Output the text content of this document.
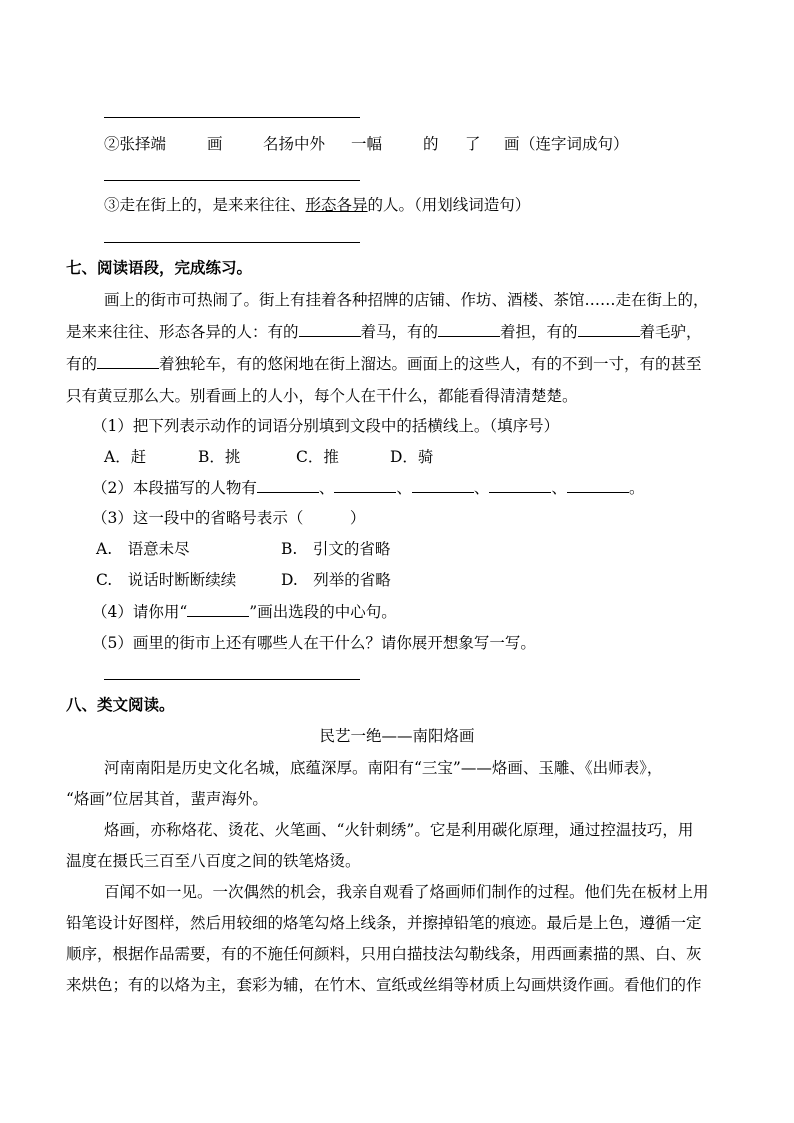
②张择端	画	名扬中外 一幅	的 了 画 （连字词成句）
③走在街上的，是来来往往、形态各异的人。（用划线词造句）
七、阅读语段，完成练习。
画上的街市可热闹了。街上有挂着各种招牌的店铺、作坊、酒楼、茶馆……走在街上的，
是来来往往、形态各异的人：有的	着马，有的	着担，有的	着毛驴，
有的	着独轮车，有的悠闲地在街上溜达。画面上的这些人，有的不到一寸，有的甚至
只有黄豆那么大。别看画上的人小，每个人在干什么，都能看得清清楚楚。
（1）把下列表示动作的词语分别填到文段中的括横线上。（填序号）
A．赶	B．挑	C．推	D．骑
（2）本段描写的人物有	、	、	、	、	。
（3）这一段中的省略号表示（　　　）
A.　语意未尽	B.　引文的省略
C.　说话时断断续续	D.　列举的省略
（4）请你用“	”画出选段的中心句。
（5）画里的街市上还有哪些人在干什么？请你展开想象写一写。
八、类文阅读。
民艺一绝——南阳烙画
河南南阳是历史文化名城，底蕴深厚。南阳有“三宝”——烙画、玉雕、《出师表》，
“烙画”位居其首，蜚声海外。
烙画，亦称烙花、烫花、火笔画、“火针刺绣”。它是利用碳化原理，通过控温技巧，用
温度在摄氏三百至八百度之间的铁笔烙烫。
百闻不如一见。一次偶然的机会，我亲自观看了烙画师们制作的过程。他们先在板材上用
铅笔设计好图样，然后用较细的烙笔勾烙上线条，并擦掉铅笔的痕迹。最后是上色，遵循一定
顺序，根据作品需要，有的不施任何颜料，只用白描技法勾勒线条，用西画素描的黑、白、灰
来烘色；有的以烙为主，套彩为辅，在竹木、宣纸或丝绢等材质上勾画烘烫作画。看他们的作
